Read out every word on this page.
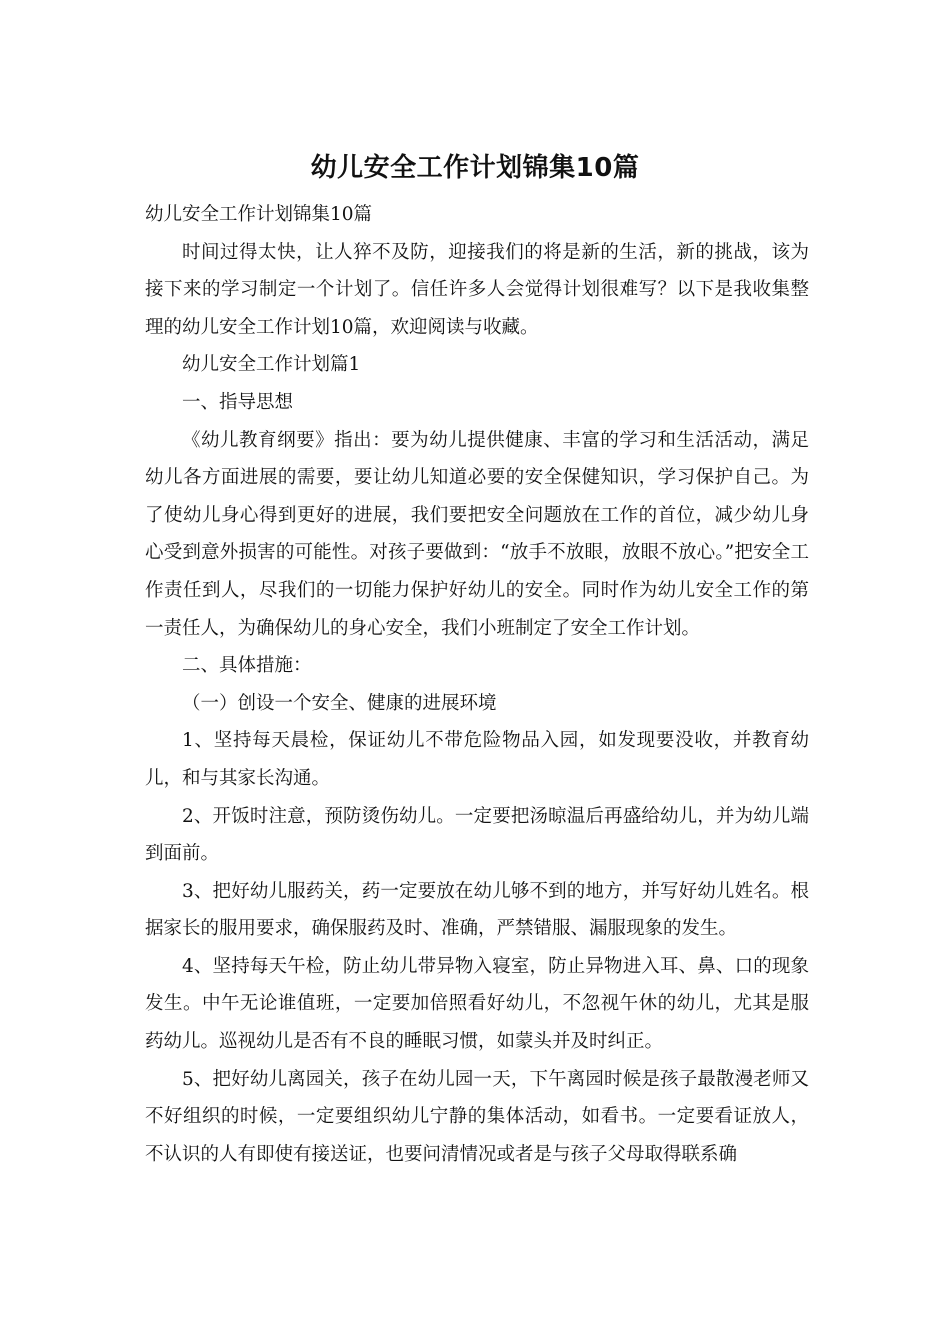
幼儿安全工作计划锦集10篇

幼儿安全工作计划锦集10篇

时间过得太快，让人猝不及防，迎接我们的将是新的生活，新的挑战，该为接下来的学习制定一个计划了。信任许多人会觉得计划很难写？以下是我收集整理的幼儿安全工作计划10篇，欢迎阅读与收藏。

幼儿安全工作计划篇1

一、指导思想

《幼儿教育纲要》指出：要为幼儿提供健康、丰富的学习和生活活动，满足幼儿各方面进展的需要，要让幼儿知道必要的安全保健知识，学习保护自己。为了使幼儿身心得到更好的进展，我们要把安全问题放在工作的首位，减少幼儿身心受到意外损害的可能性。对孩子要做到：“放手不放眼，放眼不放心。”把安全工作责任到人，尽我们的一切能力保护好幼儿的安全。同时作为幼儿安全工作的第一责任人，为确保幼儿的身心安全，我们小班制定了安全工作计划。

二、具体措施：

（一）创设一个安全、健康的进展环境

1、坚持每天晨检，保证幼儿不带危险物品入园，如发现要没收，并教育幼儿，和与其家长沟通。

2、开饭时注意，预防烫伤幼儿。一定要把汤晾温后再盛给幼儿，并为幼儿端到面前。

3、把好幼儿服药关，药一定要放在幼儿够不到的地方，并写好幼儿姓名。根据家长的服用要求，确保服药及时、准确，严禁错服、漏服现象的发生。

4、坚持每天午检，防止幼儿带异物入寝室，防止异物进入耳、鼻、口的现象发生。中午无论谁值班，一定要加倍照看好幼儿，不忽视午休的幼儿，尤其是服药幼儿。巡视幼儿是否有不良的睡眠习惯，如蒙头并及时纠正。

5、把好幼儿离园关，孩子在幼儿园一天，下午离园时候是孩子最散漫老师又不好组织的时候，一定要组织幼儿宁静的集体活动，如看书。一定要看证放人，不认识的人有即使有接送证，也要问清情况或者是与孩子父母取得联系确
